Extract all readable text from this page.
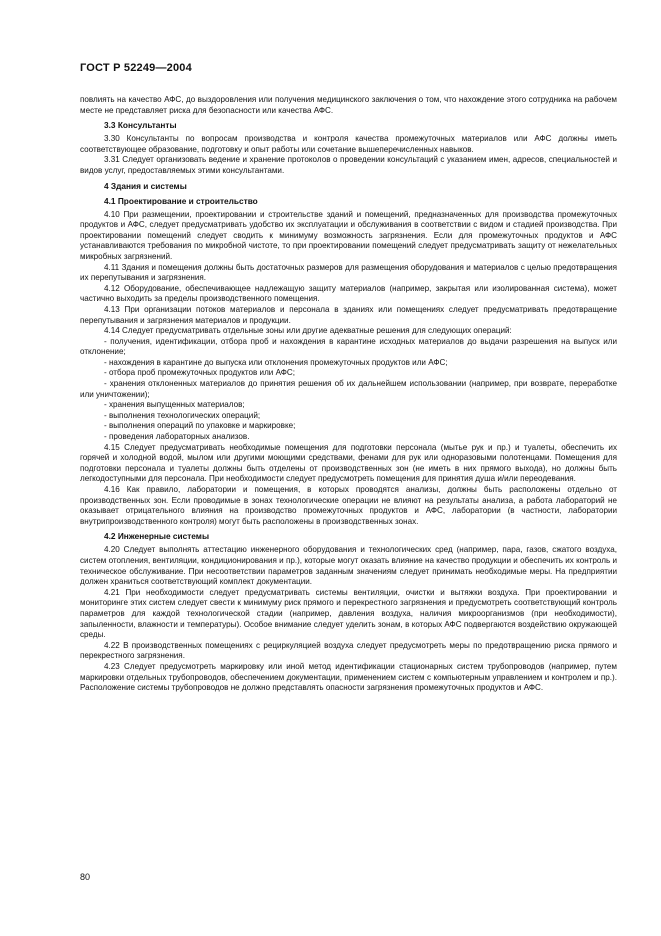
ГОСТ Р 52249—2004

повлиять на качество АФС, до выздоровления или получения медицинского заключения о том, что нахождение этого сотрудника на рабочем месте не представляет риска для безопасности или качества АФС.

3.3 Консультанты

3.30 Консультанты по вопросам производства и контроля качества промежуточных материалов или АФС должны иметь соответствующее образование, подготовку и опыт работы или сочетание вышеперечисленных навыков.

3.31 Следует организовать ведение и хранение протоколов о проведении консультаций с указанием имен, адресов, специальностей и видов услуг, предоставляемых этими консультантами.

4 Здания и системы
4.1 Проектирование и строительство

4.10 При размещении, проектировании и строительстве зданий и помещений, предназначенных для производства промежуточных продуктов и АФС, следует предусматривать удобство их эксплуатации и обслуживания в соответствии с видом и стадией производства. При проектировании помещений следует сводить к минимуму возможность загрязнения. Если для промежуточных продуктов и АФС устанавливаются требования по микробной чистоте, то при проектировании помещений следует предусматривать защиту от нежелательных микробных загрязнений.

4.11 Здания и помещения должны быть достаточных размеров для размещения оборудования и материалов с целью предотвращения их перепутывания и загрязнения.

4.12 Оборудование, обеспечивающее надлежащую защиту материалов (например, закрытая или изолированная система), может частично выходить за пределы производственного помещения.

4.13 При организации потоков материалов и персонала в зданиях или помещениях следует предусматривать предотвращение перепутывания и загрязнения материалов и продукции.

4.14 Следует предусматривать отдельные зоны или другие адекватные решения для следующих операций:

- получения, идентификации, отбора проб и нахождения в карантине исходных материалов до выдачи разрешения на выпуск или отклонение;

- нахождения в карантине до выпуска или отклонения промежуточных продуктов или АФС;

- отбора проб промежуточных продуктов или АФС;

- хранения отклоненных материалов до принятия решения об их дальнейшем использовании (например, при возврате, переработке или уничтожении);

- хранения выпущенных материалов;

- выполнения технологических операций;

- выполнения операций по упаковке и маркировке;

- проведения лабораторных анализов.

4.15 Следует предусматривать необходимые помещения для подготовки персонала (мытье рук и пр.) и туалеты, обеспечить их горячей и холодной водой, мылом или другими моющими средствами, фенами для рук или одноразовыми полотенцами. Помещения для подготовки персонала и туалеты должны быть отделены от производственных зон (не иметь в них прямого выхода), но должны быть легкодоступными для персонала. При необходимости следует предусмотреть помещения для принятия душа и/или переодевания.

4.16 Как правило, лаборатории и помещения, в которых проводятся анализы, должны быть расположены отдельно от производственных зон. Если проводимые в зонах технологические операции не влияют на результаты анализа, а работа лабораторий не оказывает отрицательного влияния на производство промежуточных продуктов и АФС, лаборатории (в частности, лаборатории внутрипроизводственного контроля) могут быть расположены в производственных зонах.

4.2 Инженерные системы

4.20 Следует выполнять аттестацию инженерного оборудования и технологических сред (например, пара, газов, сжатого воздуха, систем отопления, вентиляции, кондиционирования и пр.), которые могут оказать влияние на качество продукции и обеспечить их контроль и техническое обслуживание. При несоответствии параметров заданным значениям следует принимать необходимые меры. На предприятии должен храниться соответствующий комплект документации.

4.21 При необходимости следует предусматривать системы вентиляции, очистки и вытяжки воздуха. При проектировании и мониторинге этих систем следует свести к минимуму риск прямого и перекрестного загрязнения и предусмотреть соответствующий контроль параметров для каждой технологической стадии (например, давления воздуха, наличия микроорганизмов (при необходимости), запыленности, влажности и температуры). Особое внимание следует уделить зонам, в которых АФС подвергаются воздействию окружающей среды.

4.22 В производственных помещениях с рециркуляцией воздуха следует предусмотреть меры по предотвращению риска прямого и перекрестного загрязнения.

4.23 Следует предусмотреть маркировку или иной метод идентификации стационарных систем трубопроводов (например, путем маркировки отдельных трубопроводов, обеспечением документации, применением систем с компьютерным управлением и контролем и пр.). Расположение системы трубопроводов не должно представлять опасности загрязнения промежуточных продуктов и АФС.

80
